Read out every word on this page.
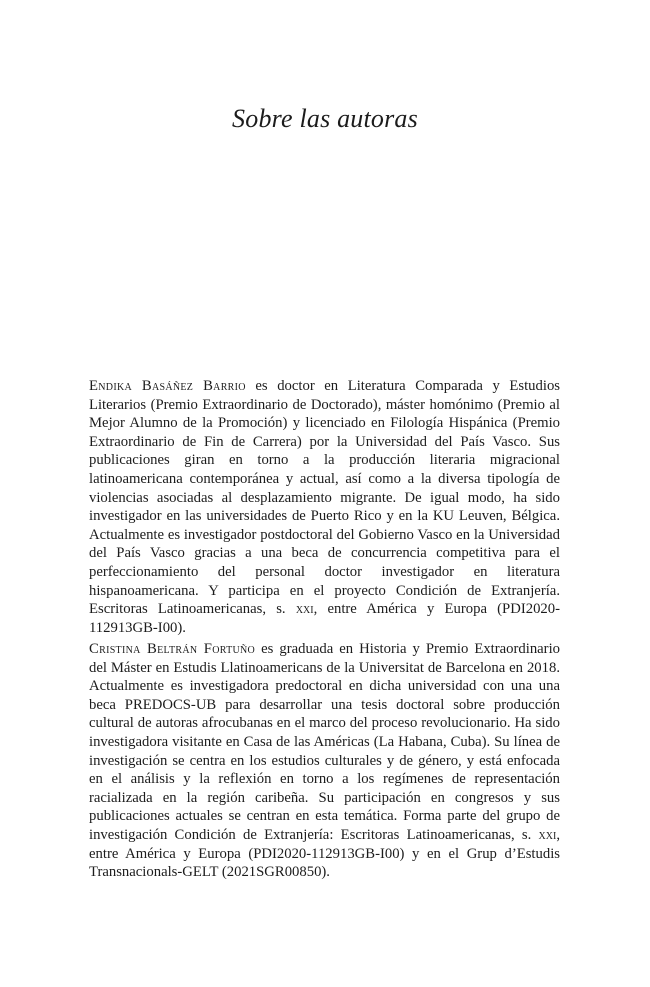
Sobre las autoras

Endika Basáñez Barrio es doctor en Literatura Comparada y Estudios Literarios (Premio Extraordinario de Doctorado), máster homónimo (Premio al Mejor Alumno de la Promoción) y licenciado en Filología Hispánica (Premio Extraordinario de Fin de Carrera) por la Universidad del País Vasco. Sus publicaciones giran en torno a la producción literaria migracional latinoamericana contemporánea y actual, así como a la diversa tipología de violencias asociadas al desplazamiento migrante. De igual modo, ha sido investigador en las universidades de Puerto Rico y en la KU Leuven, Bélgica. Actualmente es investigador postdoctoral del Gobierno Vasco en la Universidad del País Vasco gracias a una beca de concurrencia competitiva para el perfeccionamiento del personal doctor investigador en literatura hispanoamericana. Y participa en el proyecto Condición de Extranjería. Escritoras Latinoamericanas, s. xxi, entre América y Europa (PDI2020-112913GB-I00).

Cristina Beltrán Fortuño es graduada en Historia y Premio Extraordinario del Máster en Estudis Llatinoamericans de la Universitat de Barcelona en 2018. Actualmente es investigadora predoctoral en dicha universidad con una una beca PREDOCS-UB para desarrollar una tesis doctoral sobre producción cultural de autoras afrocubanas en el marco del proceso revolucionario. Ha sido investigadora visitante en Casa de las Américas (La Habana, Cuba). Su línea de investigación se centra en los estudios culturales y de género, y está enfocada en el análisis y la reflexión en torno a los regímenes de representación racializada en la región caribeña. Su participación en congresos y sus publicaciones actuales se centran en esta temática. Forma parte del grupo de investigación Condición de Extranjería: Escritoras Latinoamericanas, s. xxi, entre América y Europa (PDI2020-112913GB-I00) y en el Grup d’Estudis Transnacionals-GELT (2021SGR00850).
